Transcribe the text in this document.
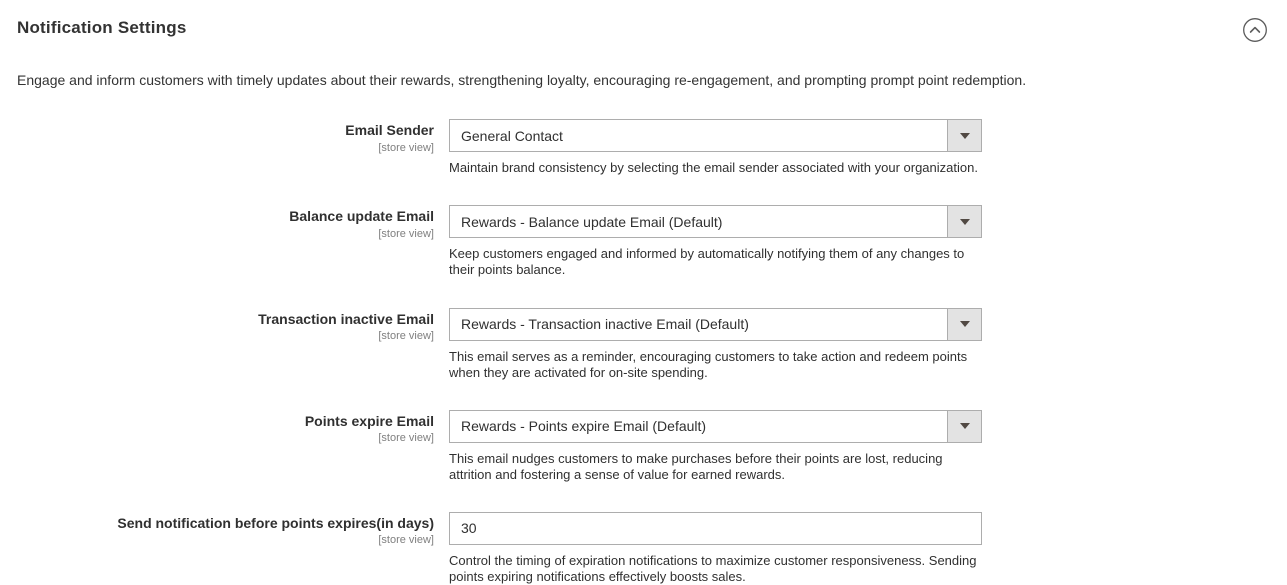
Notification Settings

Engage and inform customers with timely updates about their rewards, strengthening loyalty, encouraging re-engagement, and prompting prompt point redemption.

Email Sender
[store view]
General Contact

Maintain brand consistency by selecting the email sender associated with your organization.

Balance update Email
[store view]
Rewards - Balance update Email (Default)

Keep customers engaged and informed by automatically notifying them of any changes to their points balance.

Transaction inactive Email
[store view]
Rewards - Transaction inactive Email (Default)

This email serves as a reminder, encouraging customers to take action and redeem points when they are activated for on-site spending.

Points expire Email
[store view]
Rewards - Points expire Email (Default)

This email nudges customers to make purchases before their points are lost, reducing attrition and fostering a sense of value for earned rewards.

Send notification before points expires(in days)
[store view]
30

Control the timing of expiration notifications to maximize customer responsiveness. Sending points expiring notifications effectively boosts sales.
